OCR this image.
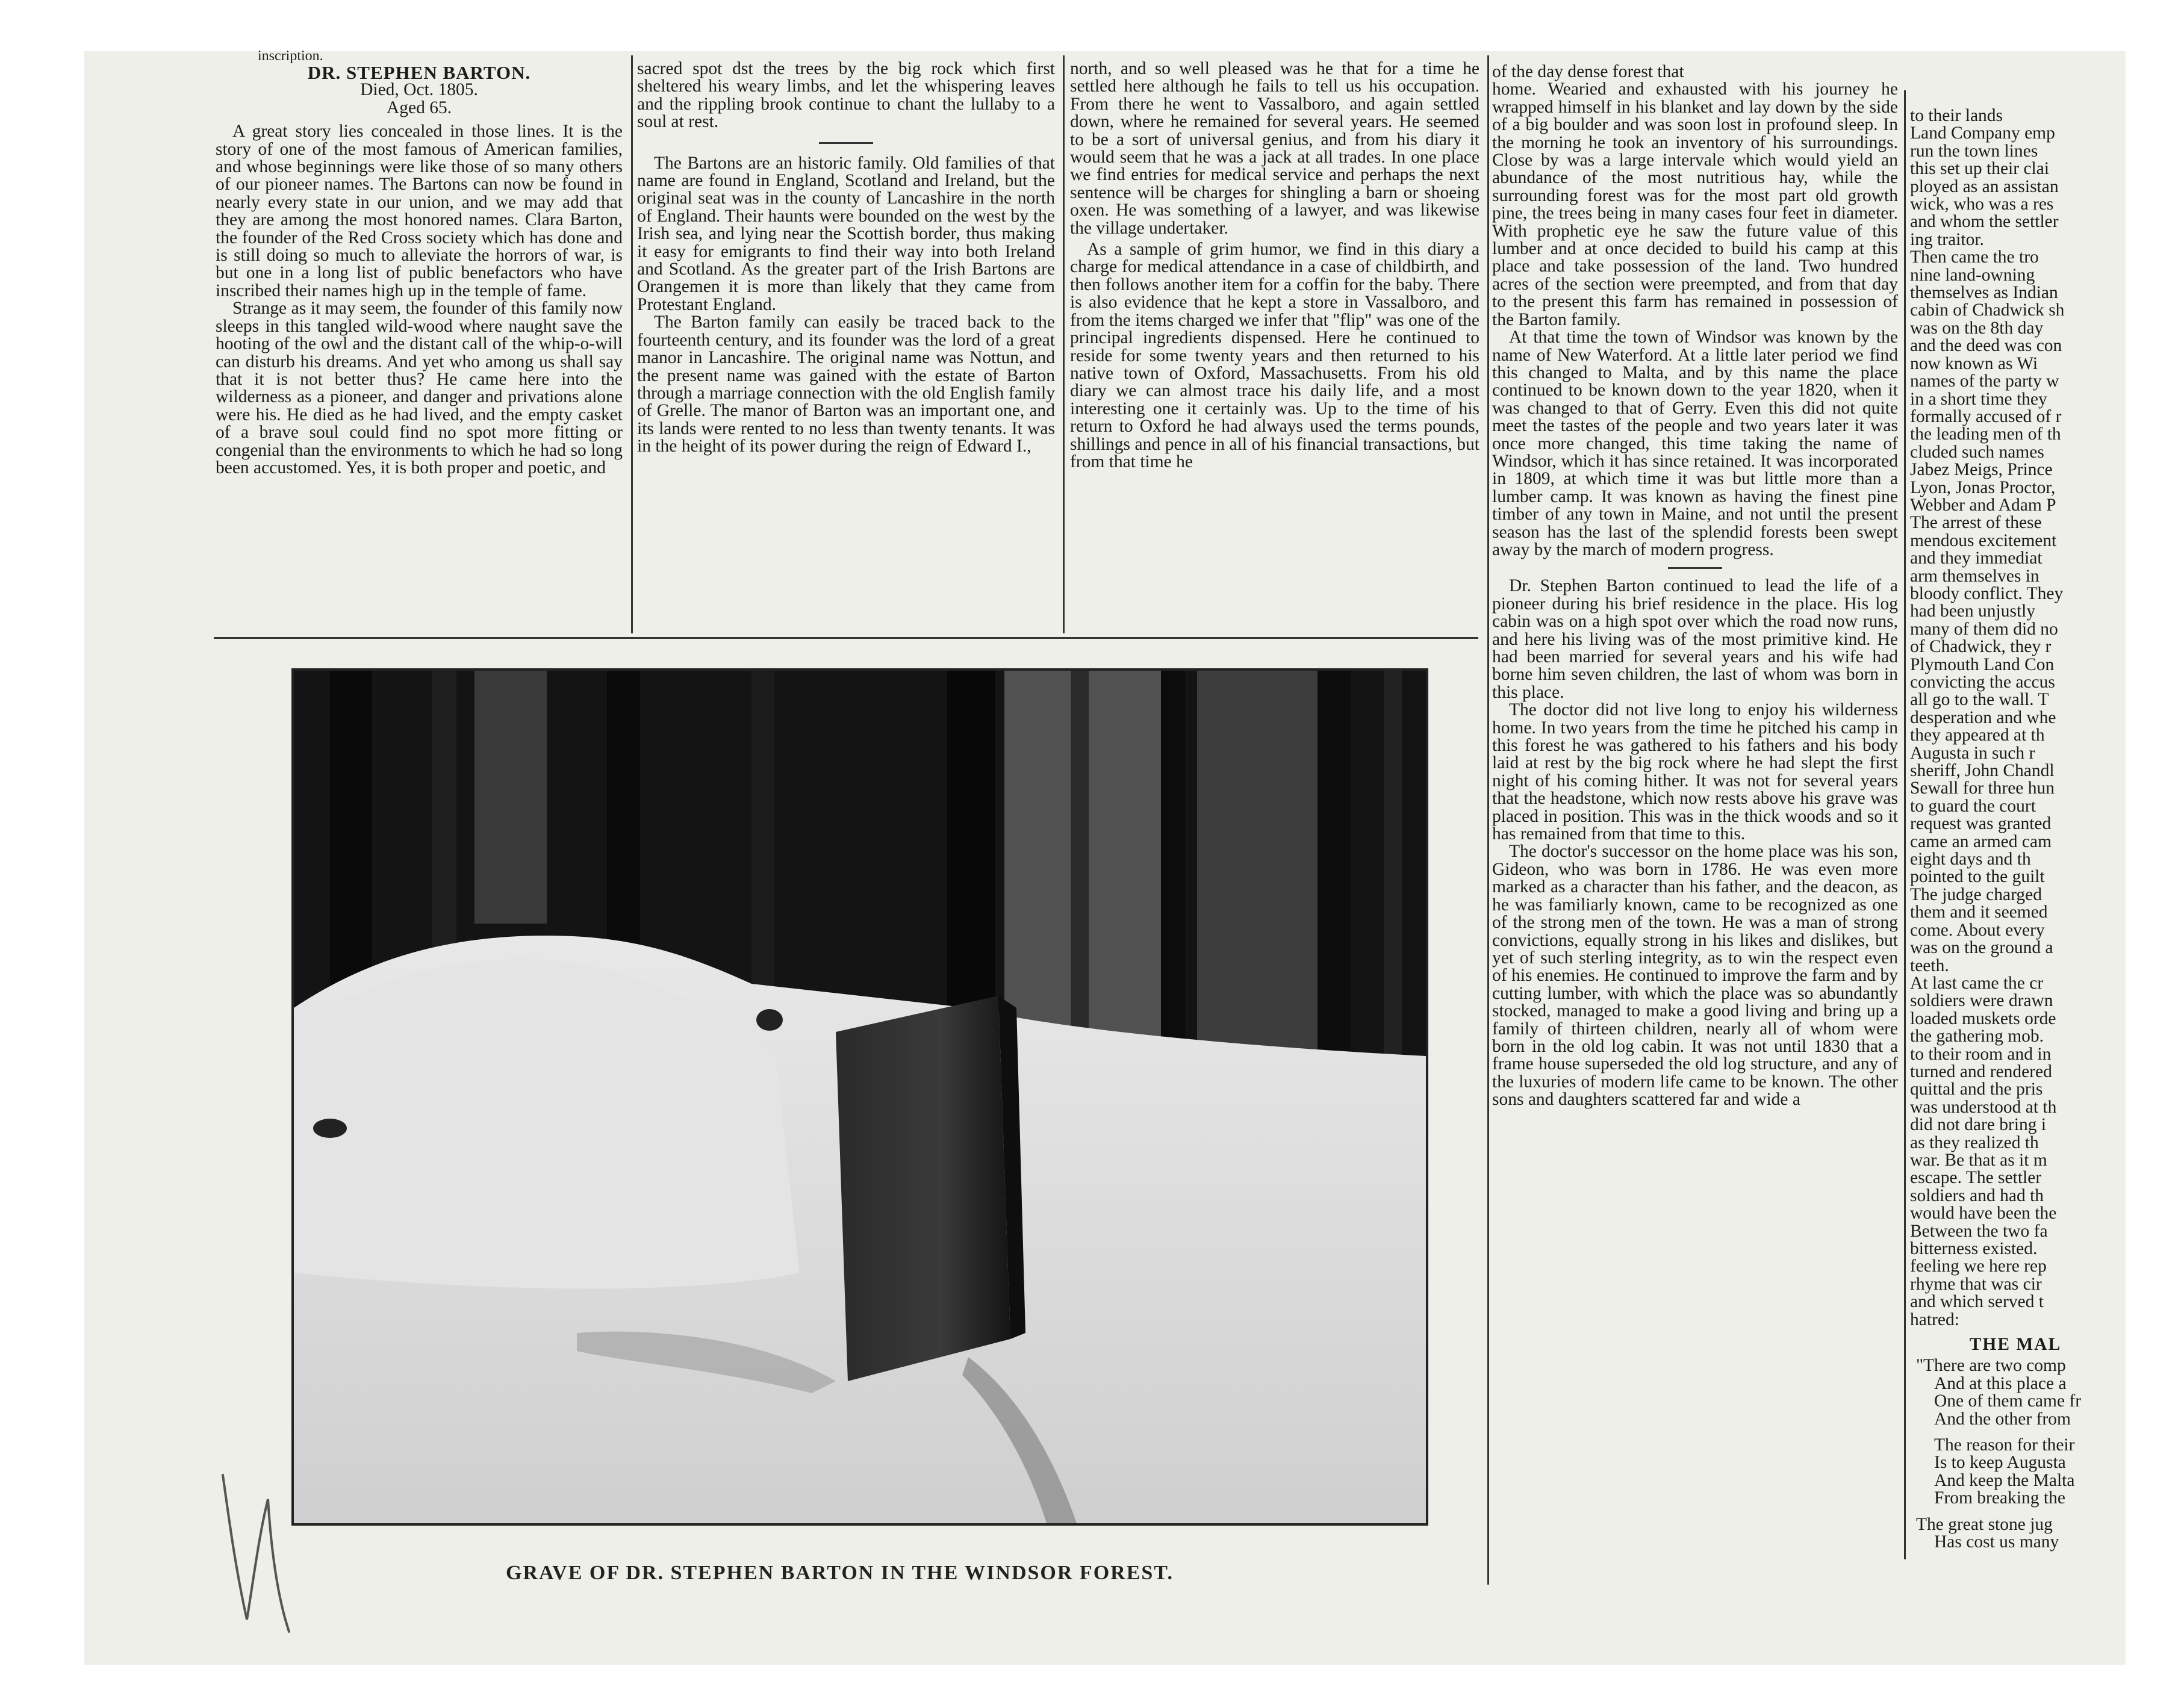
inscription.
DR. STEPHEN BARTON.
Died, Oct. 1805.
Aged 65.

A great story lies concealed in those lines. It is the story of one of the most famous of American families, and whose beginnings were like those of so many others of our pioneer names. The Bartons can now be found in nearly every state in our union, and we may add that they are among the most honored names. Clara Barton, the founder of the Red Cross society which has done and is still doing so much to alleviate the horrors of war, is but one in a long list of public benefactors who have inscribed their names high up in the temple of fame.

Strange as it may seem, the founder of this family now sleeps in this tangled wild-wood where naught save the hooting of the owl and the distant call of the whip-o-will can disturb his dreams. And yet who among us shall say that it is not better thus? He came here into the wilderness as a pioneer, and danger and privations alone were his. He died as he had lived, and the empty casket of a brave soul could find no spot more fitting or congenial than the environments to which he had so long been accustomed. Yes, it is both proper and poetic, and

sacred spot dst the trees by the big rock which first sheltered his weary limbs, and let the whispering leaves and the rippling brook continue to chant the lullaby to a soul at rest.

The Bartons are an historic family. Old families of that name are found in England, Scotland and Ireland, but the original seat was in the county of Lancashire in the north of England. Their haunts were bounded on the west by the Irish sea, and lying near the Scottish border, thus making it easy for emigrants to find their way into both Ireland and Scotland. As the greater part of the Irish Bartons are Orangemen it is more than likely that they came from Protestant England.

The Barton family can easily be traced back to the fourteenth century, and its founder was the lord of a great manor in Lancashire. The original name was Nottun, and the present name was gained with the estate of Barton through a marriage connection with the old English family of Grelle. The manor of Barton was an important one, and its lands were rented to no less than twenty tenants. It was in the height of its power during the reign of Edward I.,

north, and so well pleased was he that for a time he settled here although he fails to tell us his occupation. From there he went to Vassalboro, and again settled down, where he remained for several years. He seemed to be a sort of universal genius, and from his diary it would seem that he was a jack at all trades. In one place we find entries for medical service and perhaps the next sentence will be charges for shingling a barn or shoeing oxen. He was something of a lawyer, and was likewise the village undertaker.

As a sample of grim humor, we find in this diary a charge for medical attendance in a case of childbirth, and then follows another item for a coffin for the baby. There is also evidence that he kept a store in Vassalboro, and from the items charged we infer that "flip" was one of the principal ingredients dispensed. Here he continued to reside for some twenty years and then returned to his native town of Oxford, Massachusetts. From his old diary we can almost trace his daily life, and a most interesting one it certainly was. Up to the time of his return to Oxford he had always used the terms pounds, shillings and pence in all of his financial transactions, but from that time he

of the day dense forest that

home. Wearied and exhausted with his journey he wrapped himself in his blanket and lay down by the side of a big boulder and was soon lost in profound sleep. In the morning he took an inventory of his surroundings. Close by was a large intervale which would yield an abundance of the most nutritious hay, while the surrounding forest was for the most part old growth pine, the trees being in many cases four feet in diameter. With prophetic eye he saw the future value of this lumber and at once decided to build his camp at this place and take possession of the land. Two hundred acres of the section were preempted, and from that day to the present this farm has remained in possession of the Barton family.

At that time the town of Windsor was known by the name of New Waterford. At a little later period we find this changed to Malta, and by this name the place continued to be known down to the year 1820, when it was changed to that of Gerry. Even this did not quite meet the tastes of the people and two years later it was once more changed, this time taking the name of Windsor, which it has since retained. It was incorporated in 1809, at which time it was but little more than a lumber camp. It was known as having the finest pine timber of any town in Maine, and not until the present season has the last of the splendid forests been swept away by the march of modern progress.

Dr. Stephen Barton continued to lead the life of a pioneer during his brief residence in the place. His log cabin was on a high spot over which the road now runs, and here his living was of the most primitive kind. He had been married for several years and his wife had borne him seven children, the last of whom was born in this place.

The doctor did not live long to enjoy his wilderness home. In two years from the time he pitched his camp in this forest he was gathered to his fathers and his body laid at rest by the big rock where he had slept the first night of his coming hither. It was not for several years that the headstone, which now rests above his grave was placed in position. This was in the thick woods and so it has remained from that time to this.

The doctor's successor on the home place was his son, Gideon, who was born in 1786. He was even more marked as a character than his father, and the deacon, as he was familiarly known, came to be recognized as one of the strong men of the town. He was a man of strong convictions, equally strong in his likes and dislikes, but yet of such sterling integrity, as to win the respect even of his enemies. He continued to improve the farm and by cutting lumber, with which the place was so abundantly stocked, managed to make a good living and bring up a family of thirteen children, nearly all of whom were born in the old log cabin. It was not until 1830 that a frame house superseded the old log structure, and any of the luxuries of modern life came to be known. The other sons and daughters scattered far and wide a

to their lands
Land Company emp
run the town lines
this set up their clai
ployed as an assistan
wick, who was a res
and whom the settler
ing traitor.
Then came the tro
nine land-owning
themselves as Indian
cabin of Chadwick sh
was on the 8th day
and the deed was con
now known as Wi
names of the party w
in a short time they
formally accused of r
the leading men of th
cluded such names
Jabez Meigs, Prince
Lyon, Jonas Proctor,
Webber and Adam P
The arrest of these
mendous excitement
and they immediat
arm themselves in
bloody conflict. They
had been unjustly
many of them did no
of Chadwick, they r
Plymouth Land Con
convicting the accus
all go to the wall. T
desperation and whe
they appeared at th
Augusta in such r
sheriff, John Chandl
Sewall for three hun
to guard the court
request was granted
came an armed cam
eight days and th
pointed to the guilt
The judge charged
them and it seemed
come. About every
was on the ground a
teeth.
At last came the cr
soldiers were drawn
loaded muskets orde
the gathering mob.
to their room and in
turned and rendered
quittal and the pris
was understood at th
did not dare bring i
as they realized th
war. Be that as it m
escape. The settler
soldiers and had th
would have been the
Between the two fa
bitterness existed.
feeling we here rep
rhyme that was cir
and which served t
hatred:
THE MAL

"There are two comp

And at this place a

One of them came fr

And the other from

The reason for their

Is to keep Augusta

And keep the Malta

From breaking the

The great stone jug

Has cost us many

GRAVE OF DR. STEPHEN BARTON IN THE WINDSOR FOREST.
